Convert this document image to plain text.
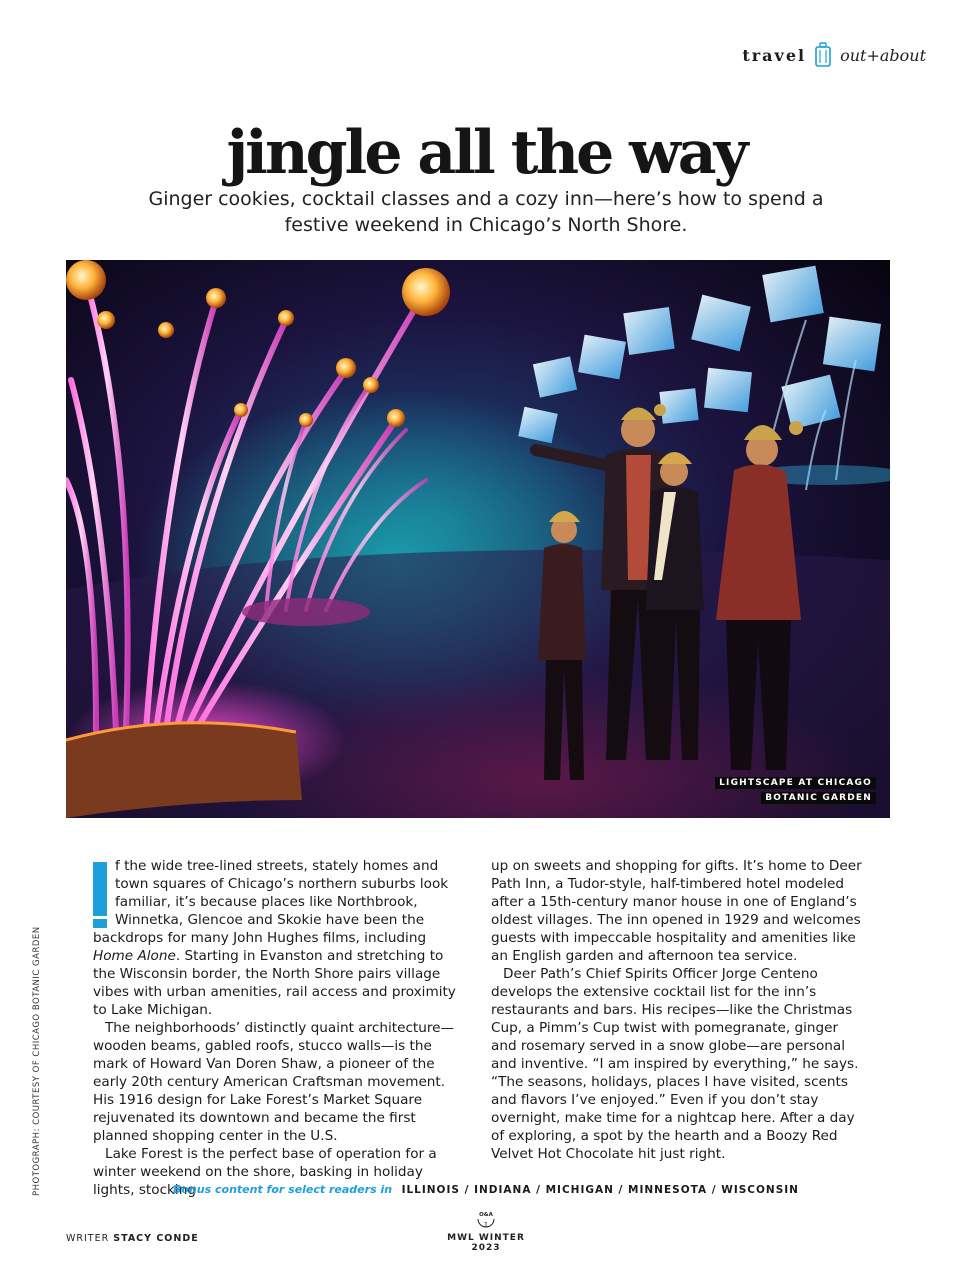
travel out+about
jingle all the way

Ginger cookies, cocktail classes and a cozy inn—here’s how to spend a festive weekend in Chicago’s North Shore.

LIGHTSCAPE AT CHICAGO
BOTANIC GARDEN

f the wide tree-lined streets, stately homes and town squares of Chicago’s northern suburbs look familiar, it’s because places like Northbrook, Winnetka, Glencoe and Skokie have been the backdrops for many John Hughes films, including Home Alone. Starting in Evanston and stretching to the Wisconsin border, the North Shore pairs village vibes with urban amenities, rail access and proximity to Lake Michigan.

The neighborhoods’ distinctly quaint architecture—wooden beams, gabled roofs, stucco walls—is the mark of Howard Van Doren Shaw, a pioneer of the early 20th century American Craftsman movement. His 1916 design for Lake Forest’s Market Square rejuvenated its downtown and became the first planned shopping center in the U.S.

Lake Forest is the perfect base of operation for a winter weekend on the shore, basking in holiday lights, stocking

up on sweets and shopping for gifts. It’s home to Deer Path Inn, a Tudor-style, half-timbered hotel modeled after a 15th-century manor house in one of England’s oldest villages. The inn opened in 1929 and welcomes guests with impeccable hospitality and amenities like an English garden and afternoon tea service.

Deer Path’s Chief Spirits Officer Jorge Centeno develops the extensive cocktail list for the inn’s restaurants and bars. His recipes—like the Christmas Cup, a Pimm’s Cup twist with pomegranate, ginger and rosemary served in a snow globe—are personal and inventive. “I am inspired by everything,” he says. “The seasons, holidays, places I have visited, scents and flavors I’ve enjoyed.” Even if you don’t stay overnight, make time for a nightcap here. After a day of exploring, a spot by the hearth and a Boozy Red Velvet Hot Chocolate hit just right.

Bonus content for select readers in ILLINOIS / INDIANA / MICHIGAN / MINNESOTA / WISCONSIN
PHOTOGRAPH: COURTESY OF CHICAGO BOTANIC GARDEN
WRITER STACY CONDE
O&A
1
MWL WINTER 2023
